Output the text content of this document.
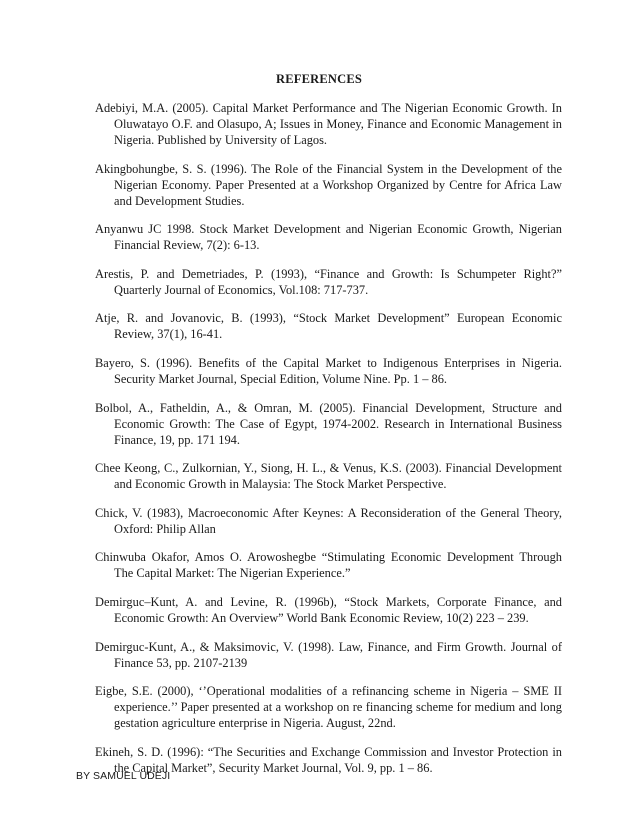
REFERENCES
Adebiyi, M.A. (2005). Capital Market Performance and The Nigerian Economic Growth. In Oluwatayo O.F. and Olasupo, A; Issues in Money, Finance and Economic Management in Nigeria. Published by University of Lagos.
Akingbohungbe, S. S. (1996). The Role of the Financial System in the Development of the Nigerian Economy. Paper Presented at a Workshop Organized by Centre for Africa Law and Development Studies.
Anyanwu JC 1998. Stock Market Development and Nigerian Economic Growth, Nigerian Financial Review, 7(2): 6-13.
Arestis, P. and Demetriades, P. (1993), “Finance and Growth: Is Schumpeter Right?” Quarterly Journal of Economics, Vol.108: 717-737.
Atje, R. and Jovanovic, B. (1993), “Stock Market Development” European Economic Review, 37(1), 16-41.
Bayero, S. (1996). Benefits of the Capital Market to Indigenous Enterprises in Nigeria. Security Market Journal, Special Edition, Volume Nine. Pp. 1 – 86.
Bolbol, A., Fatheldin, A., & Omran, M. (2005). Financial Development, Structure and Economic Growth: The Case of Egypt, 1974-2002. Research in International Business Finance, 19, pp. 171 194.
Chee Keong, C., Zulkornian, Y., Siong, H. L., & Venus, K.S. (2003). Financial Development and Economic Growth in Malaysia: The Stock Market Perspective.
Chick, V. (1983), Macroeconomic After Keynes: A Reconsideration of the General Theory, Oxford: Philip Allan
Chinwuba Okafor, Amos O. Arowoshegbe “Stimulating Economic Development Through The Capital Market: The Nigerian Experience.”
Demirguc–Kunt, A. and Levine, R. (1996b), “Stock Markets, Corporate Finance, and Economic Growth: An Overview” World Bank Economic Review, 10(2) 223 – 239.
Demirguc-Kunt, A., & Maksimovic, V. (1998). Law, Finance, and Firm Growth. Journal of Finance 53, pp. 2107-2139
Eigbe, S.E. (2000), ‘’Operational modalities of a refinancing scheme in Nigeria – SME II experience.’’ Paper presented at a workshop on re financing scheme for medium and long gestation agriculture enterprise in Nigeria. August, 22nd.
Ekineh, S. D. (1996): “The Securities and Exchange Commission and Investor Protection in the Capital Market”, Security Market Journal, Vol. 9, pp. 1 – 86.
BY SAMUEL UDEJI
